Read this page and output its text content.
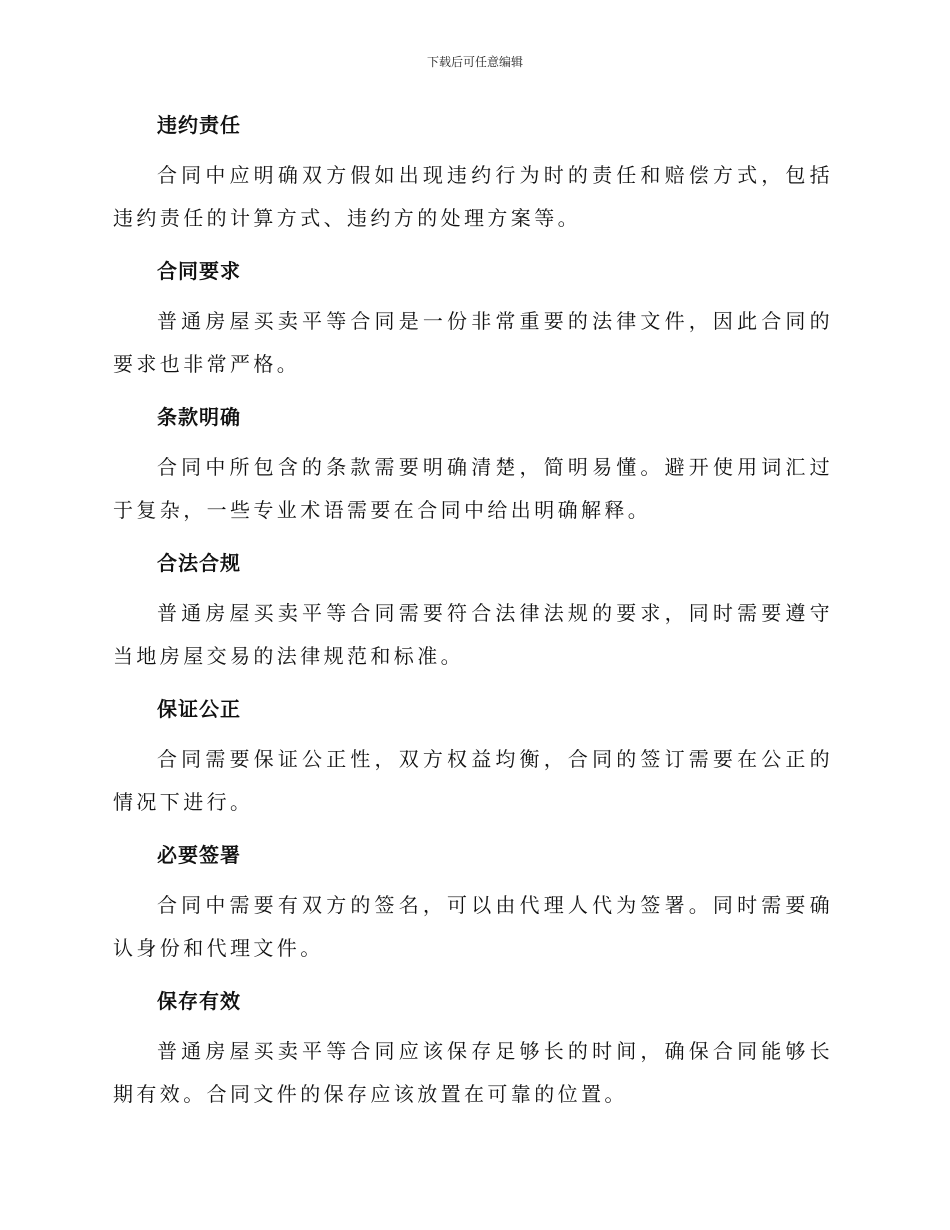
下载后可任意编辑
违约责任
合同中应明确双方假如出现违约行为时的责任和赔偿方式，包括违约责任的计算方式、违约方的处理方案等。
合同要求
普通房屋买卖平等合同是一份非常重要的法律文件，因此合同的要求也非常严格。
条款明确
合同中所包含的条款需要明确清楚，简明易懂。避开使用词汇过于复杂，一些专业术语需要在合同中给出明确解释。
合法合规
普通房屋买卖平等合同需要符合法律法规的要求，同时需要遵守当地房屋交易的法律规范和标准。
保证公正
合同需要保证公正性，双方权益均衡，合同的签订需要在公正的情况下进行。
必要签署
合同中需要有双方的签名，可以由代理人代为签署。同时需要确认身份和代理文件。
保存有效
普通房屋买卖平等合同应该保存足够长的时间，确保合同能够长期有效。合同文件的保存应该放置在可靠的位置。
